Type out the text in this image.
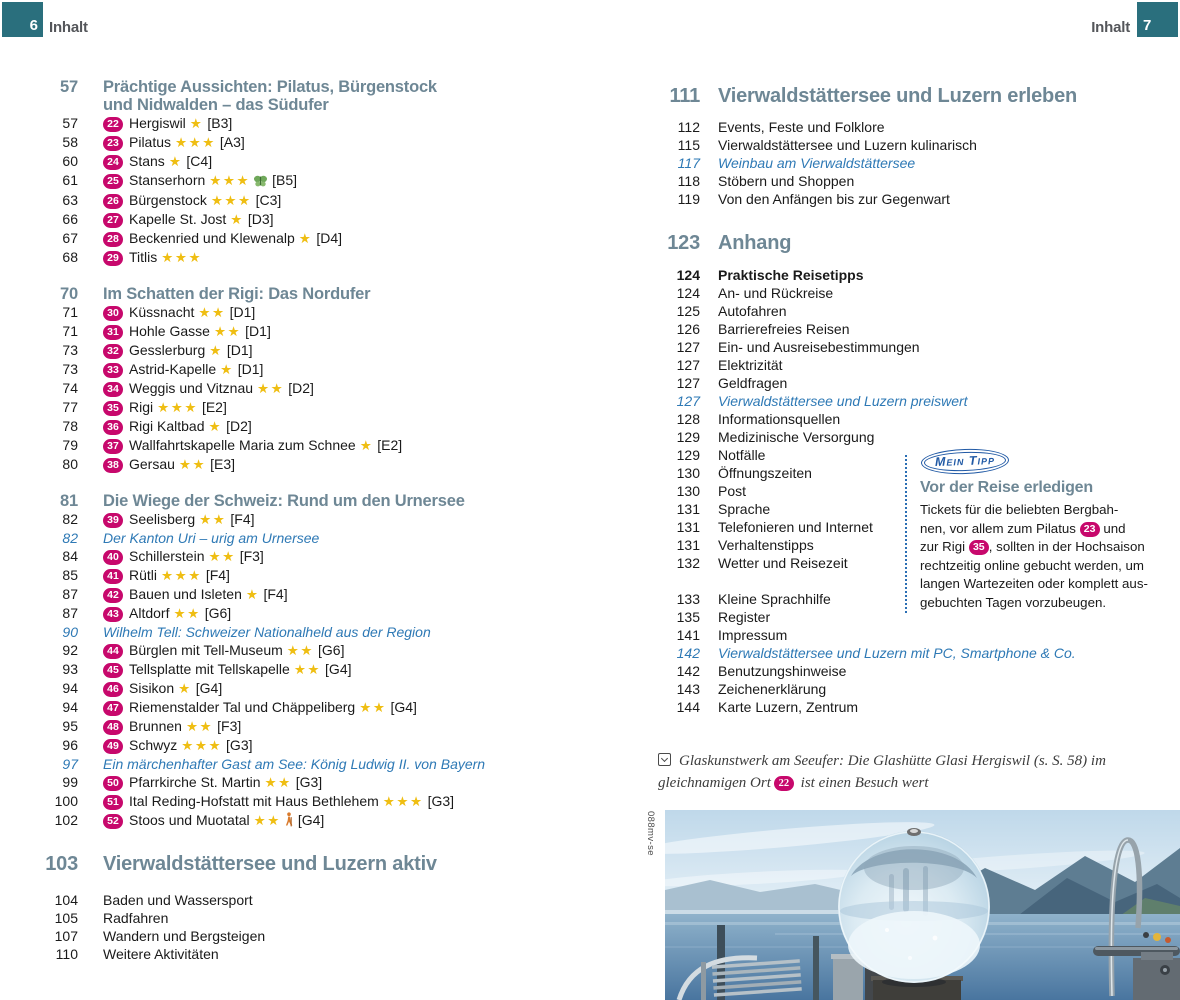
6 Inhalt	Inhalt 7
57 Prächtige Aussichten: Pilatus, Bürgenstock
und Nidwalden – das Südufer
57	22 Hergiswil ★ [B3]
58	23 Pilatus ★★★ [A3]
60	24 Stans ★ [C4]
61	25 Stanserhorn ★★★ [B5]
63	26 Bürgenstock ★★★ [C3]
66	27 Kapelle St. Jost ★ [D3]
67	28 Beckenried und Klewenalp ★ [D4]
68	29 Titlis ★★★
70 Im Schatten der Rigi: Das Nordufer
71	30 Küssnacht ★★ [D1]
71	31 Hohle Gasse ★★ [D1]
73	32 Gesslerburg ★ [D1]
73	33 Astrid-Kapelle ★ [D1]
74	34 Weggis und Vitznau ★★ [D2]
77	35 Rigi ★★★ [E2]
78	36 Rigi Kaltbad ★ [D2]
79	37 Wallfahrtskapelle Maria zum Schnee ★ [E2]
80	38 Gersau ★★ [E3]
81 Die Wiege der Schweiz: Rund um den Urnersee
82	39 Seelisberg ★★ [F4]
82 Der Kanton Uri – urig am Urnersee
84	40 Schillerstein ★★ [F3]
85	41 Rütli ★★★ [F4]
87	42 Bauen und Isleten ★ [F4]
87	43 Altdorf ★★ [G6]
90 Wilhelm Tell: Schweizer Nationalheld aus der Region
92	44 Bürglen mit Tell-Museum ★★ [G6]
93	45 Tellsplatte mit Tellskapelle ★★ [G4]
94	46 Sisikon ★ [G4]
94	47 Riemenstalder Tal und Chäppeliberg ★★ [G4]
95	48 Brunnen ★★ [F3]
96	49 Schwyz ★★★ [G3]
97 Ein märchenhafter Gast am See: König Ludwig II. von Bayern
99	50 Pfarrkirche St. Martin ★★ [G3]
100	51 Ital Reding-Hofstatt mit Haus Bethlehem ★★★ [G3]
102	52 Stoos und Muotatal ★★ [G4]
103 Vierwaldstättersee und Luzern aktiv
104 Baden und Wassersport
105 Radfahren
107 Wandern und Bergsteigen
110 Weitere Aktivitäten
111 Vierwaldstättersee und Luzern erleben
112 Events, Feste und Folklore
115 Vierwaldstättersee und Luzern kulinarisch
117 Weinbau am Vierwaldstättersee
118 Stöbern und Shoppen
119 Von den Anfängen bis zur Gegenwart
123 Anhang
124 Praktische Reisetipps
124 An- und Rückreise
125 Autofahren
126 Barrierefreies Reisen
127 Ein- und Ausreisebestimmungen
127 Elektrizität
127 Geldfragen
127 Vierwaldstättersee und Luzern preiswert
128 Informationsquellen
129 Medizinische Versorgung
129 Notfälle
130 Öffnungszeiten
130 Post
131 Sprache
131 Telefonieren und Internet
131 Verhaltenstipps
132 Wetter und Reisezeit
133 Kleine Sprachhilfe
135 Register
141 Impressum
142 Vierwaldstättersee und Luzern mit PC, Smartphone & Co.
142 Benutzungshinweise
143 Zeichenerklärung
144 Karte Luzern, Zentrum
Mein Tipp
Vor der Reise erledigen
Tickets für die beliebten Bergbah-
nen, vor allem zum Pilatus 23 und
zur Rigi 35 , sollten in der Hochsaison
rechtzeitig online gebucht werden, um
langen Wartezeiten oder komplett aus-
gebuchten Tagen vorzubeugen.
Glaskunstwerk am Seeufer: Die Glashütte Glasi Hergiswil (s. S. 58) im
gleichnamigen Ort 22 ist einen Besuch wert
088mv-se
